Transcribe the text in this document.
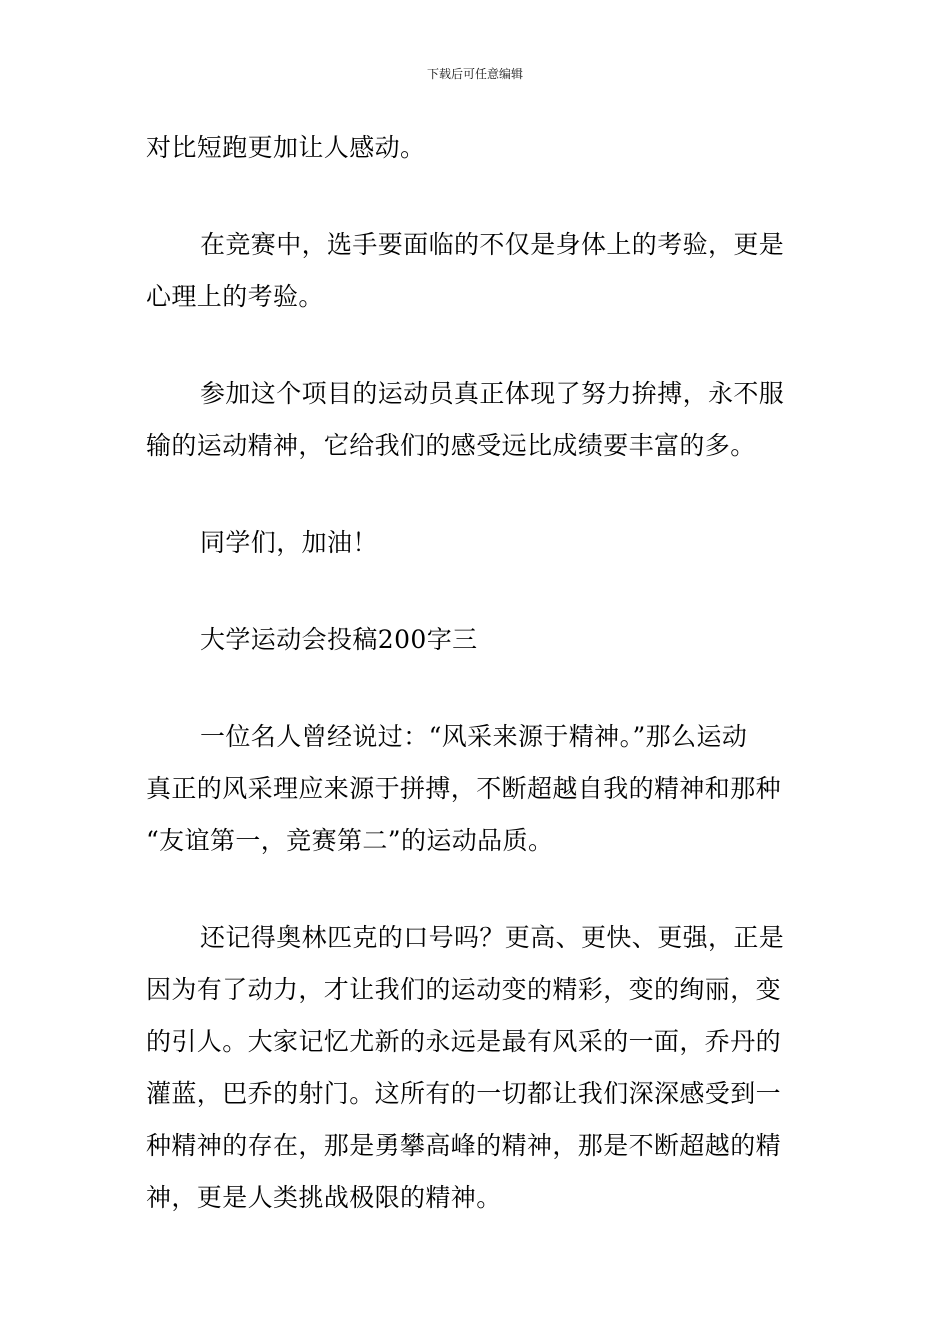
下载后可任意编辑
对比短跑更加让人感动。
在竞赛中，选手要面临的不仅是身体上的考验，更是
心理上的考验。
参加这个项目的运动员真正体现了努力拚搏，永不服
输的运动精神，它给我们的感受远比成绩要丰富的多。
同学们，加油！
大学运动会投稿200字三
一位名人曾经说过：“风采来源于精神。”那么运动
真正的风采理应来源于拼搏，不断超越自我的精神和那种
“友谊第一，竞赛第二”的运动品质。
还记得奥林匹克的口号吗？更高、更快、更强，正是
因为有了动力，才让我们的运动变的精彩，变的绚丽，变
的引人。大家记忆尤新的永远是最有风采的一面，乔丹的
灌蓝，巴乔的射门。这所有的一切都让我们深深感受到一
种精神的存在，那是勇攀高峰的精神，那是不断超越的精
神，更是人类挑战极限的精神。
